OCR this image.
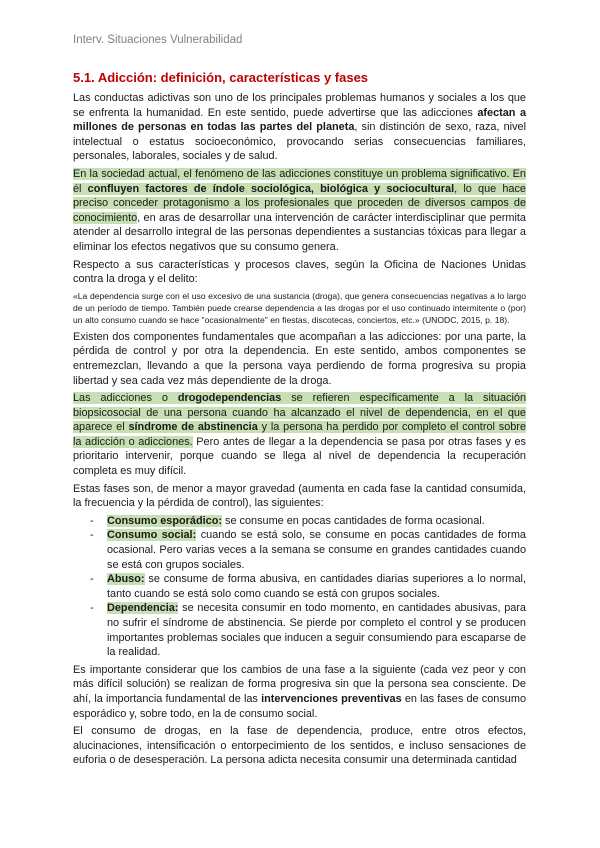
Interv. Situaciones Vulnerabilidad
5.1. Adicción: definición, características y fases

Las conductas adictivas son uno de los principales problemas humanos y sociales a los que se enfrenta la humanidad. En este sentido, puede advertirse que las adicciones afectan a millones de personas en todas las partes del planeta, sin distinción de sexo, raza, nivel intelectual o estatus socioeconómico, provocando serias consecuencias familiares, personales, laborales, sociales y de salud.

En la sociedad actual, el fenómeno de las adicciones constituye un problema significativo. En él confluyen factores de índole sociológica, biológica y sociocultural, lo que hace preciso conceder protagonismo a los profesionales que proceden de diversos campos de conocimiento, en aras de desarrollar una intervención de carácter interdisciplinar que permita atender al desarrollo integral de las personas dependientes a sustancias tóxicas para llegar a eliminar los efectos negativos que su consumo genera.

Respecto a sus características y procesos claves, según la Oficina de Naciones Unidas contra la droga y el delito:

«La dependencia surge con el uso excesivo de una sustancia (droga), que genera consecuencias negativas a lo largo de un período de tiempo. También puede crearse dependencia a las drogas por el uso continuado intermitente o (por) un alto consumo cuando se hace "ocasionalmente" en fiestas, discotecas, conciertos, etc.» (UNODC, 2015, p. 18).

Existen dos componentes fundamentales que acompañan a las adicciones: por una parte, la pérdida de control y por otra la dependencia. En este sentido, ambos componentes se entremezclan, llevando a que la persona vaya perdiendo de forma progresiva su propia libertad y sea cada vez más dependiente de la droga.

Las adicciones o drogodependencias se refieren específicamente a la situación biopsicosocial de una persona cuando ha alcanzado el nivel de dependencia, en el que aparece el síndrome de abstinencia y la persona ha perdido por completo el control sobre la adicción o adicciones. Pero antes de llegar a la dependencia se pasa por otras fases y es prioritario intervenir, porque cuando se llega al nivel de dependencia la recuperación completa es muy difícil.

Estas fases son, de menor a mayor gravedad (aumenta en cada fase la cantidad consumida, la frecuencia y la pérdida de control), las siguientes:

- Consumo esporádico: se consume en pocas cantidades de forma ocasional.
- Consumo social: cuando se está solo, se consume en pocas cantidades de forma ocasional. Pero varias veces a la semana se consume en grandes cantidades cuando se está con grupos sociales.
- Abuso: se consume de forma abusiva, en cantidades diarias superiores a lo normal, tanto cuando se está solo como cuando se está con grupos sociales.
- Dependencia: se necesita consumir en todo momento, en cantidades abusivas, para no sufrir el síndrome de abstinencia. Se pierde por completo el control y se producen importantes problemas sociales que inducen a seguir consumiendo para escaparse de la realidad.

Es importante considerar que los cambios de una fase a la siguiente (cada vez peor y con más difícil solución) se realizan de forma progresiva sin que la persona sea consciente. De ahí, la importancia fundamental de las intervenciones preventivas en las fases de consumo esporádico y, sobre todo, en la de consumo social.

El consumo de drogas, en la fase de dependencia, produce, entre otros efectos, alucinaciones, intensificación o entorpecimiento de los sentidos, e incluso sensaciones de euforia o de desesperación. La persona adicta necesita consumir una determinada cantidad
